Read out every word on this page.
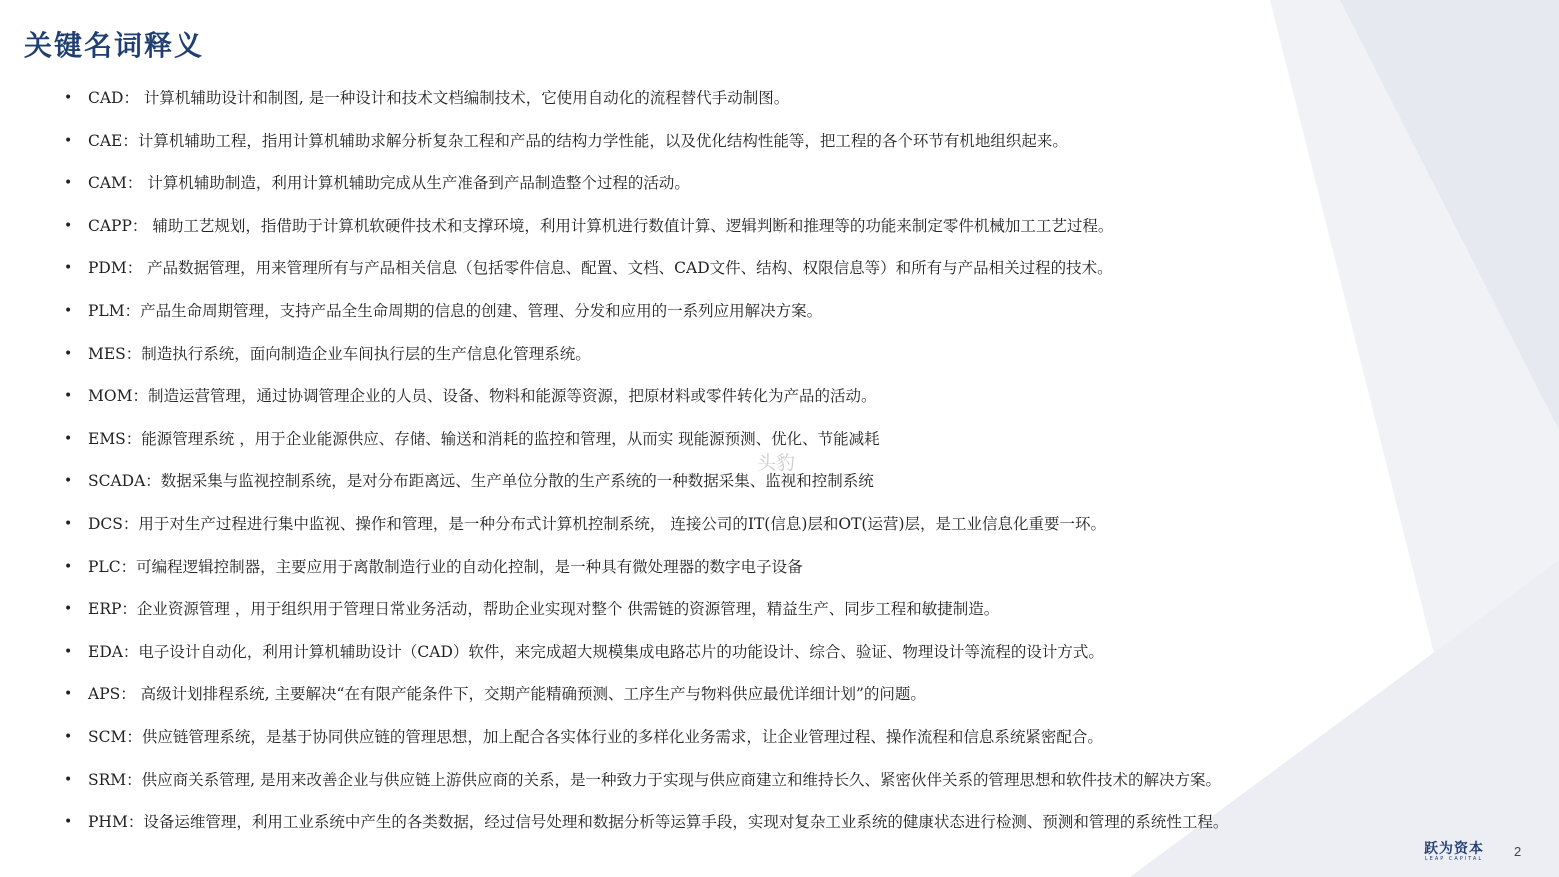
关键名词释义
• CAD： 计算机辅助设计和制图, 是一种设计和技术文档编制技术，它使用自动化的流程替代手动制图。
• CAE：计算机辅助工程，指用计算机辅助求解分析复杂工程和产品的结构力学性能，以及优化结构性能等，把工程的各个环节有机地组织起来。
• CAM： 计算机辅助制造，利用计算机辅助完成从生产准备到产品制造整个过程的活动。
• CAPP： 辅助工艺规划，指借助于计算机软硬件技术和支撑环境，利用计算机进行数值计算、逻辑判断和推理等的功能来制定零件机械加工工艺过程。
• PDM： 产品数据管理，用来管理所有与产品相关信息（包括零件信息、配置、文档、CAD文件、结构、权限信息等）和所有与产品相关过程的技术。
• PLM：产品生命周期管理，支持产品全生命周期的信息的创建、管理、分发和应用的一系列应用解决方案。
• MES：制造执行系统，面向制造企业车间执行层的生产信息化管理系统。
• MOM：制造运营管理，通过协调管理企业的人员、设备、物料和能源等资源，把原材料或零件转化为产品的活动。
• EMS：能源管理系统 ，用于企业能源供应、存储、输送和消耗的监控和管理，从而实 现能源预测、优化、节能减耗
• SCADA：数据采集与监视控制系统，是对分布距离远、生产单位分散的生产系统的一种数据采集、监视和控制系统
• DCS：用于对生产过程进行集中监视、操作和管理，是一种分布式计算机控制系统， 连接公司的IT(信息)层和OT(运营)层，是工业信息化重要一环。
• PLC：可编程逻辑控制器，主要应用于离散制造行业的自动化控制，是一种具有微处理器的数字电子设备
• ERP：企业资源管理 ，用于组织用于管理日常业务活动，帮助企业实现对整个 供需链的资源管理，精益生产、同步工程和敏捷制造。
• EDA：电子设计自动化，利用计算机辅助设计（CAD）软件，来完成超大规模集成电路芯片的功能设计、综合、验证、物理设计等流程的设计方式。
• APS： 高级计划排程系统, 主要解决“在有限产能条件下，交期产能精确预测、工序生产与物料供应最优详细计划”的问题。
• SCM：供应链管理系统，是基于协同供应链的管理思想，加上配合各实体行业的多样化业务需求，让企业管理过程、操作流程和信息系统紧密配合。
• SRM：供应商关系管理, 是用来改善企业与供应链上游供应商的关系，是一种致力于实现与供应商建立和维持长久、紧密伙伴关系的管理思想和软件技术的解决方案。
• PHM：设备运维管理，利用工业系统中产生的各类数据，经过信号处理和数据分析等运算手段，实现对复杂工业系统的健康状态进行检测、预测和管理的系统性工程。
头豹
跃为资本
LEAP CAPITAL 2
